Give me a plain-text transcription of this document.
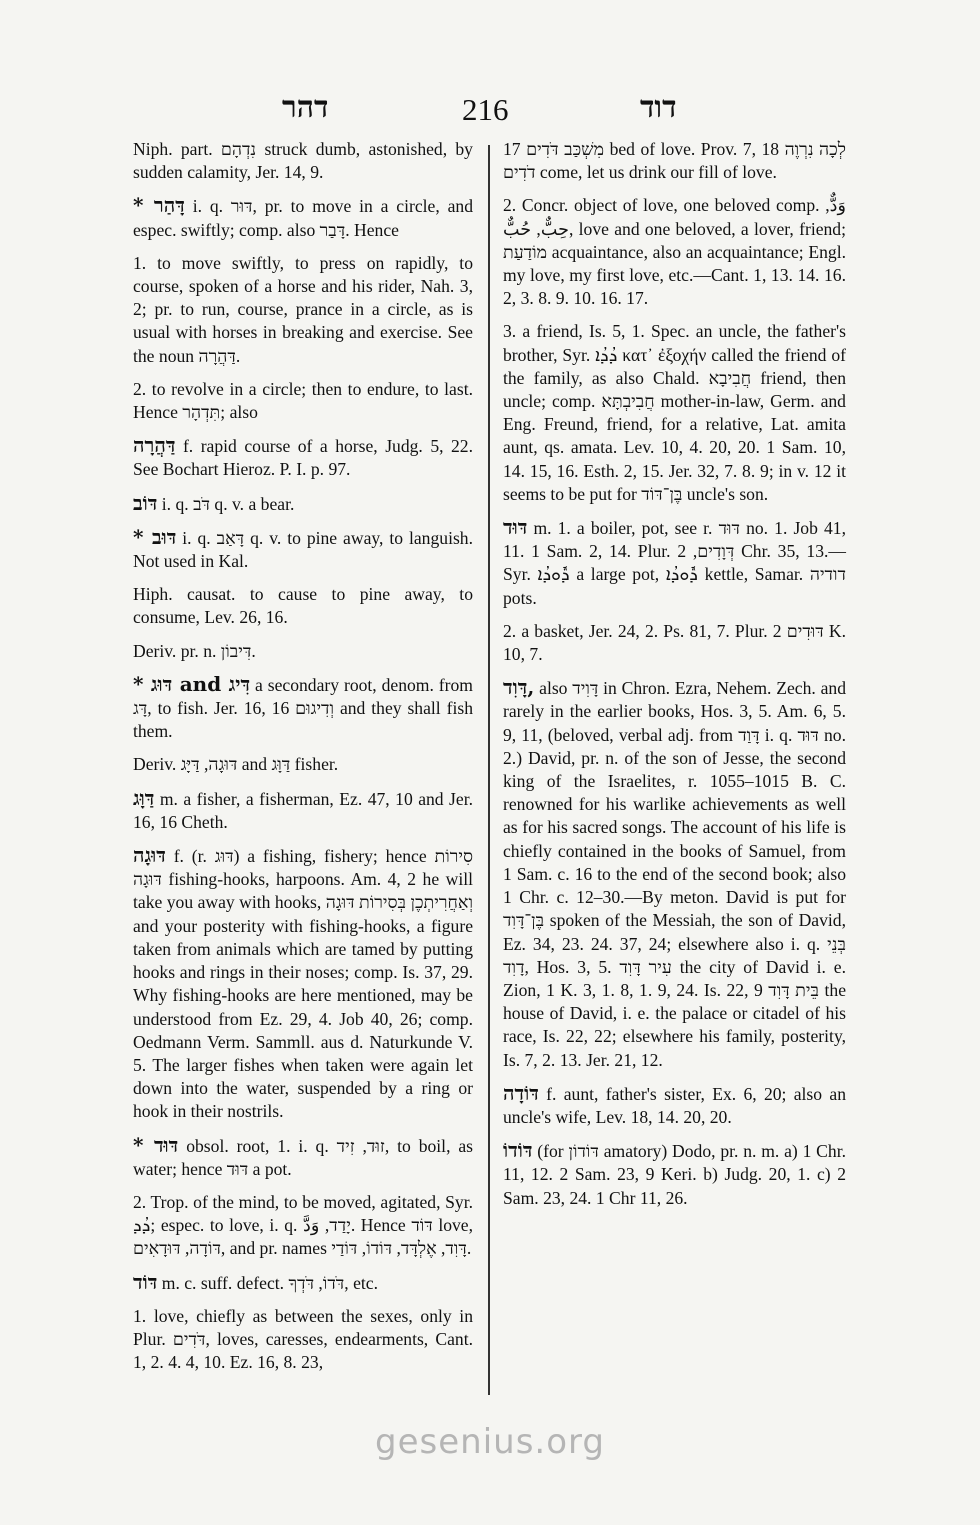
דהר	216	דוד
Niph. part. נִדְהָם struck dumb, astonished, by sudden calamity, Jer. 14, 9.
* דָּהַר i. q. דּוּר, pr. to move in a circle, and espec. swiftly; comp. also דָּבַר. Hence
1. to move swiftly, to press on rapidly, to course, spoken of a horse and his rider, Nah. 3, 2; pr. to run, course, prance in a circle, as is usual with horses in breaking and exercise. See the noun דַּהֲרָה.
2. to revolve in a circle; then to endure, to last. Hence תִּדְהָר; also
דַּהֲרָה f. rapid course of a horse, Judg. 5, 22. See Bochart Hieroz. P. I. p. 97.
דּוֹב i. q. דֹּב q. v. a bear.
* דּוּב i. q. דָּאַב q. v. to pine away, to languish. Not used in Kal.
Hiph. causat. to cause to pine away, to consume, Lev. 26, 16.
Deriv. pr. n. דִּיבוֹן.
* דּוּג and דִּיג a secondary root, denom. from דָּג, to fish. Jer. 16, 16 וְדִיגוּם and they shall fish them.
Deriv. דּוּגָה, דַּיָּג and דַּוָּג fisher.
דַּוָּג m. a fisher, a fisherman, Ez. 47, 10 and Jer. 16, 16 Cheth.
דּוּגָה f. (r. דּוּג) a fishing, fishery; hence סִירוֹת דּוּגָה fishing-hooks, harpoons. Am. 4, 2 he will take you away with hooks, וְאַחֲרִיתְכֶן בְּסִירוֹת דּוּגָה and your posterity with fishing-hooks, a figure taken from animals which are tamed by putting hooks and rings in their noses; comp. Is. 37, 29. Why fishing-hooks are here mentioned, may be understood from Ez. 29, 4. Job 40, 26; comp. Oedmann Verm. Sammll. aus d. Naturkunde V. 5. The larger fishes when taken were again let down into the water, suspended by a ring or hook in their nostrils.
* דּוּד obsol. root, 1. i. q. זוּד, זִיד, to boil, as water; hence דּוּד a pot.
2. Trop. of the mind, to be moved, agitated, Syr. ܕܳܕ; espec. to love, i. q. יָדַד, وَدَّ. Hence דּוֹד love, דּוֹדָה, דּוּדָאִים, and pr. names דָּוִד, אֶלְדָּד, דּוֹדוֹ, דּוֹדַי.
דּוֹד m. c. suff. defect. דֹּדוֹ, דֹּדְךָ, etc.
1. love, chiefly as between the sexes, only in Plur. דֹּדִים, loves, caresses, endearments, Cant. 1, 2. 4. 4, 10. Ez. 16, 8. 23,
17 מִשְׁכַּב דֹּדִים bed of love. Prov. 7, 18 לְכָה נִרְוֶה דֹדִים come, let us drink our fill of love.
2. Concr. object of love, one beloved comp. وَدٌّ, حِبٌّ, حُبٌّ, love and one beloved, a lover, friend; מוֹדַעַת acquaintance, also an acquaintance; Engl. my love, my first love, etc.—Cant. 1, 13. 14. 16. 2, 3. 8. 9. 10. 16. 17.
3. a friend, Is. 5, 1. Spec. an uncle, the father's brother, Syr. ܕܳܕܳܐ κατ᾽ ἐξοχήν called the friend of the family, as also Chald. חֲבִיבָא friend, then uncle; comp. חֲבִיבְתָּא mother-in-law, Germ. and Eng. Freund, friend, for a relative, Lat. amita aunt, qs. amata. Lev. 10, 4. 20, 20. 1 Sam. 10, 14. 15, 16. Esth. 2, 15. Jer. 32, 7. 8. 9; in v. 12 it seems to be put for בֶּן־דּוֹד uncle's son.
דּוּד m. 1. a boiler, pot, see r. דּוּד no. 1. Job 41, 11. 1 Sam. 2, 14. Plur. דְּוָדִים, 2 Chr. 35, 13.—Syr. ܕܽܘܕܳܐ a large pot, ܕܽܘܕܳܐ kettle, Samar. דודיה pots.
2. a basket, Jer. 24, 2. Ps. 81, 7. Plur. דּוּדִים 2 K. 10, 7.
דָּוִד, also דָּוִיד in Chron. Ezra, Nehem. Zech. and rarely in the earlier books, Hos. 3, 5. Am. 6, 5. 9, 11, (beloved, verbal adj. from דָּוַד i. q. דּוּד no. 2.) David, pr. n. of the son of Jesse, the second king of the Israelites, r. 1055–1015 B. C. renowned for his warlike achievements as well as for his sacred songs. The account of his life is chiefly contained in the books of Samuel, from 1 Sam. c. 16 to the end of the second book; also 1 Chr. c. 12–30.—By meton. David is put for בֶּן־דָּוִד spoken of the Messiah, the son of David, Ez. 34, 23. 24. 37, 24; elsewhere also i. q. בְּנֵי דָוִד, Hos. 3, 5. עִיר דָּוִד the city of David i. e. Zion, 1 K. 3, 1. 8, 1. 9, 24. Is. 22, 9 בֵּית דָּוִד the house of David, i. e. the palace or citadel of his race, Is. 22, 22; elsewhere his family, posterity, Is. 7, 2. 13. Jer. 21, 12.
דּוֹדָה f. aunt, father's sister, Ex. 6, 20; also an uncle's wife, Lev. 18, 14. 20, 20.
דּוֹדוֹ (for דּוֹדוֹן amatory) Dodo, pr. n. m. a) 1 Chr. 11, 12. 2 Sam. 23, 9 Keri. b) Judg. 20, 1. c) 2 Sam. 23, 24. 1 Chr 11, 26.
gesenius.org
